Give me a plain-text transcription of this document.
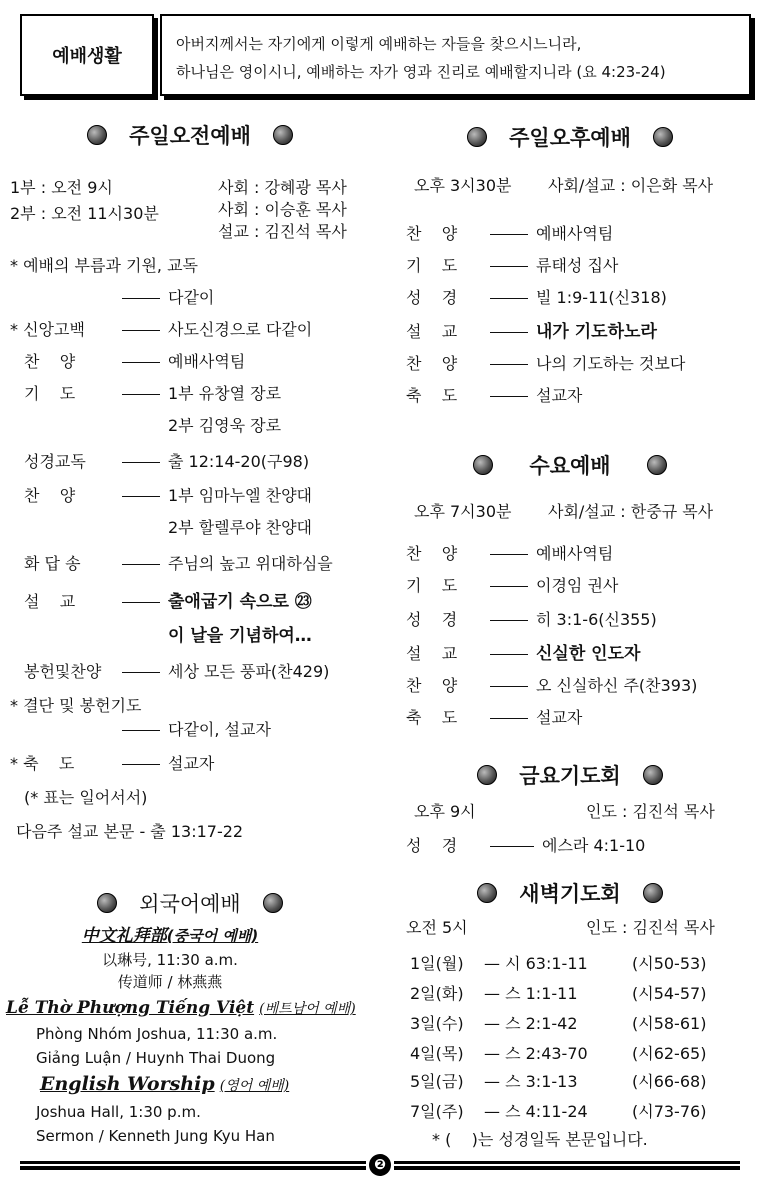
예배생활
아버지께서는 자기에게 이렇게 예배하는 자들을 찾으시느니라,
하나님은 영이시니, 예배하는 자가 영과 진리로 예배할지니라 (요 4:23-24)
주일오전예배
1부 : 오전 9시
2부 : 오전 11시30분
사회 : 강혜광 목사
사회 : 이승훈 목사
설교 : 김진석 목사
* 예배의 부름과 기원, 교독
다같이
* 신앙고백	사도신경으로 다같이
찬    양	예배사역팀
기    도	1부 유창열 장로
2부 김영욱 장로
성경교독	출 12:14-20(구98)
찬    양	1부 임마누엘 찬양대
2부 할렐루야 찬양대
화 답 송	주님의 높고 위대하심을
설    교	출애굽기 속으로 ㉓
이 날을 기념하여…
봉헌및찬양	세상 모든 풍파(찬429)
* 결단 및 봉헌기도
다같이, 설교자
* 축    도	설교자
(* 표는 일어서서)
다음주 설교 본문 - 출 13:17-22
외국어예배
中文礼拜部(중국어 예배)
以琳号, 11:30 a.m.
传道师 / 林燕燕
Lễ Thờ Phượng Tiếng Việt (베트남어 예배)
Phòng Nhóm Joshua, 11:30 a.m.
Giảng Luận / Huynh Thai Duong
English Worship (영어 예배)
Joshua Hall, 1:30 p.m.
Sermon / Kenneth Jung Kyu Han
주일오후예배
오후 3시30분 사회/설교 : 이은화 목사
찬    양	예배사역팀
기    도	류태성 집사
성    경	빌 1:9-11(신318)
설    교	내가 기도하노라
찬    양	나의 기도하는 것보다
축    도	설교자
수요예배
오후 7시30분 사회/설교 : 한중규 목사
찬    양	예배사역팀
기    도	이경임 권사
성    경	히 3:1-6(신355)
설    교	신실한 인도자
찬    양	오 신실하신 주(찬393)
축    도	설교자
금요기도회
오후 9시	인도 : 김진석 목사
성    경	에스라 4:1-10
새벽기도회
오전 5시	인도 : 김진석 목사
1일(월) — 시 63:1-11	(시50-53)
2일(화) — 스 1:1-11	(시54-57)
3일(수) — 스 2:1-42	(시58-61)
4일(목) — 스 2:43-70	(시62-65)
5일(금) — 스 3:1-13	(시66-68)
7일(주) — 스 4:11-24	(시73-76)
* (    )는 성경일독 본문입니다.
❷
